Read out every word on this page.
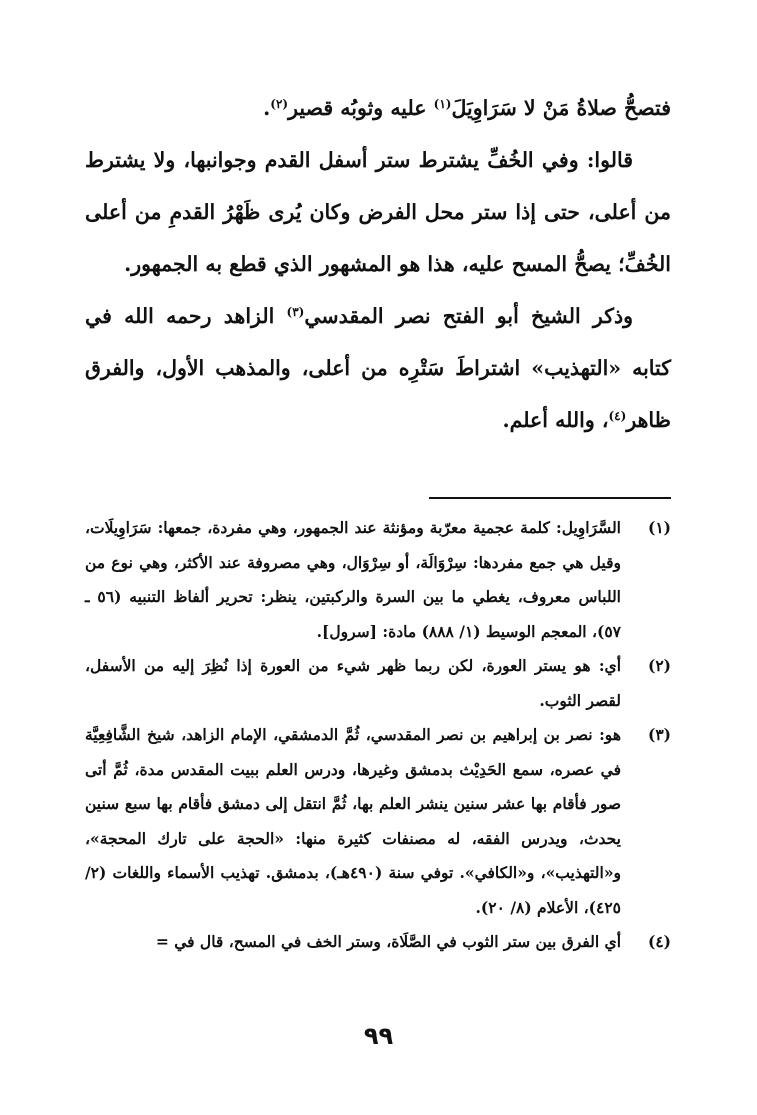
فتصحُّ صلاةُ مَنْ لا سَرَاوِيَلَ$^{(١)}$ عليه وثوبُه قصير$^{(٢)}$.

قالوا: وفي الخُفِّ يشترط ستر أسفل القدم وجوانبها، ولا يشترط من أعلى، حتى إذا ستر محل الفرض وكان يُرى ظَهْرُ القدمِ من أعلى الخُفِّ؛ يصحُّ المسح عليه، هذا هو المشهور الذي قطع به الجمهور.

وذكر الشيخ أبو الفتح نصر المقدسي$^{(٣)}$ الزاهد رحمه الله في كتابه «التهذيب» اشتراطَ سَتْرِه من أعلى، والمذهب الأول، والفرق ظاهر$^{(٤)}$، والله أعلم.

(١)
السَّرَاوِيل: كلمة عجمية معرّبة ومؤنثة عند الجمهور، وهي مفردة، جمعها: سَرَاوِيلَات، وقيل هي جمع مفردها: سِرْوَالَة، أو سِرْوَال، وهي مصروفة عند الأكثر، وهي نوع من اللباس معروف، يغطي ما بين السرة والركبتين، ينظر: تحرير ألفاظ التنبيه (٥٦ ـ ٥٧)، المعجم الوسيط (١/ ٨٨٨) مادة: [سرول].
(٢)
أي: هو يستر العورة، لكن ربما ظهر شيء من العورة إذا نُظِرَ إليه من الأسفل، لقصر الثوب.
(٣)
هو: نصر بن إبراهيم بن نصر المقدسي، ثُمَّ الدمشقي، الإمام الزاهد، شيخ الشَّافِعِيَّة في عصره، سمع الحَدِيْث بدمشق وغيرها، ودرس العلم ببيت المقدس مدة، ثُمَّ أتى صور فأقام بها عشر سنين ينشر العلم بها، ثُمَّ انتقل إلى دمشق فأقام بها سبع سنين يحدث، ويدرس الفقه، له مصنفات كثيرة منها: «الحجة على تارك المحجة»، و«التهذيب»، و«الكافي». توفي سنة (٤٩٠هـ)، بدمشق. تهذيب الأسماء واللغات (٢/ ٤٢٥)، الأعلام (٨/ ٢٠).
(٤)
أي الفرق بين ستر الثوب في الصَّلَاة، وستر الخف في المسح، قال في =
٩٩
